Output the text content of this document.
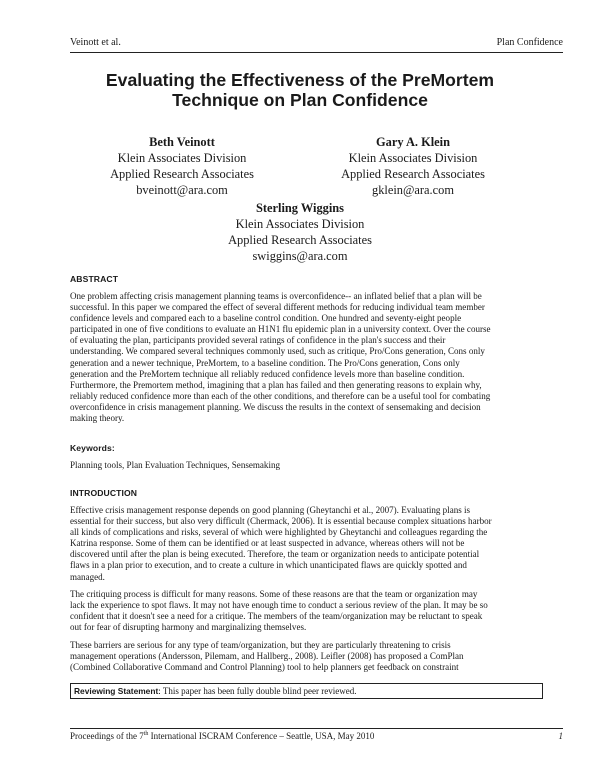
Veinott et al.	Plan Confidence
Evaluating the Effectiveness of the PreMortem
Technique on Plan Confidence
Beth Veinott
Klein Associates Division
Applied Research Associates
bveinott@ara.com
Gary A. Klein
Klein Associates Division
Applied Research Associates
gklein@ara.com
Sterling Wiggins
Klein Associates Division
Applied Research Associates
swiggins@ara.com
ABSTRACT
One problem affecting crisis management planning teams is overconfidence-- an inflated belief that a plan will be
successful. In this paper we compared the effect of several different methods for reducing individual team member
confidence levels and compared each to a baseline control condition. One hundred and seventy-eight people
participated in one of five conditions to evaluate an H1N1 flu epidemic plan in a university context. Over the course
of evaluating the plan, participants provided several ratings of confidence in the plan's success and their
understanding. We compared several techniques commonly used, such as critique, Pro/Cons generation, Cons only
generation and a newer technique, PreMortem, to a baseline condition. The Pro/Cons generation, Cons only
generation and the PreMortem technique all reliably reduced confidence levels more than baseline condition.
Furthermore, the Premortem method, imagining that a plan has failed and then generating reasons to explain why,
reliably reduced confidence more than each of the other conditions, and therefore can be a useful tool for combating
overconfidence in crisis management planning. We discuss the results in the context of sensemaking and decision
making theory.
Keywords:
Planning tools, Plan Evaluation Techniques, Sensemaking
INTRODUCTION
Effective crisis management response depends on good planning (Gheytanchi et al., 2007). Evaluating plans is
essential for their success, but also very difficult (Chermack, 2006). It is essential because complex situations harbor
all kinds of complications and risks, several of which were highlighted by Gheytanchi and colleagues regarding the
Katrina response. Some of them can be identified or at least suspected in advance, whereas others will not be
discovered until after the plan is being executed. Therefore, the team or organization needs to anticipate potential
flaws in a plan prior to execution, and to create a culture in which unanticipated flaws are quickly spotted and
managed.
The critiquing process is difficult for many reasons. Some of these reasons are that the team or organization may
lack the experience to spot flaws. It may not have enough time to conduct a serious review of the plan. It may be so
confident that it doesn't see a need for a critique. The members of the team/organization may be reluctant to speak
out for fear of disrupting harmony and marginalizing themselves.
These barriers are serious for any type of team/organization, but they are particularly threatening to crisis
management operations (Andersson, Pilemam, and Hallberg., 2008). Leifler (2008) has proposed a ComPlan
(Combined Collaborative Command and Control Planning) tool to help planners get feedback on constraint
Reviewing Statement: This paper has been fully double blind peer reviewed.
Proceedings of the 7th International ISCRAM Conference – Seattle, USA, May 2010	1
